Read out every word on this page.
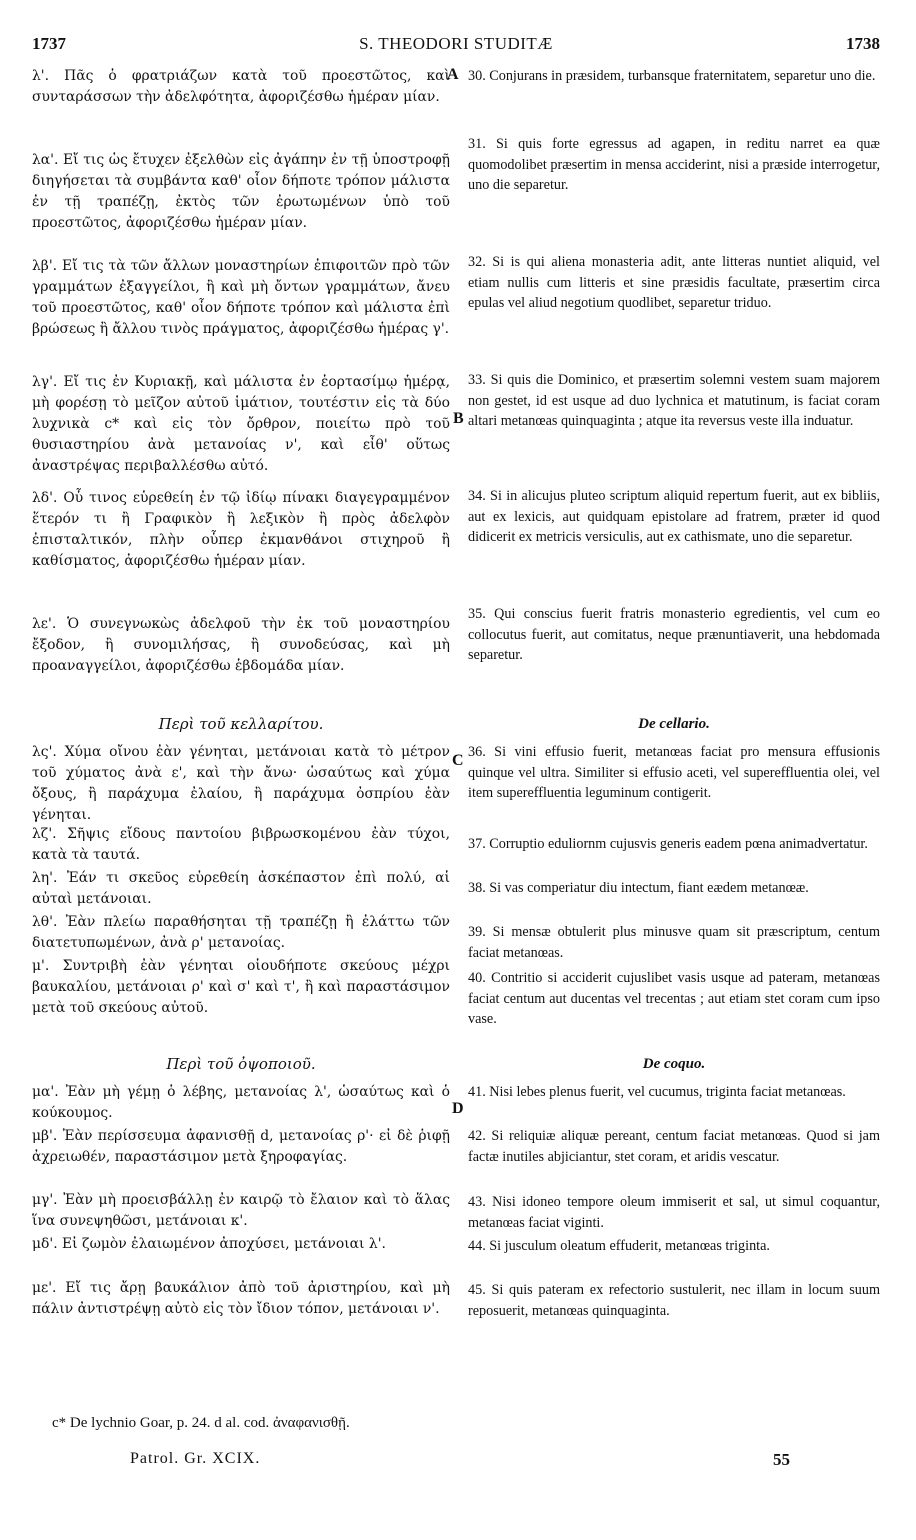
1737	S. THEODORI STUDITÆ	1738
λ'. Πᾶς ὁ φρατριάζων κατὰ τοῦ προεστῶτος, καὶ συνταράσσων τὴν ἀδελφότητα, ἀφοριζέσθω ἡμέραν μίαν.
λα'. Εἴ τις ὡς ἔτυχεν ἐξελθὼν εἰς ἀγάπην ἐν τῇ ὑποστροφῇ διηγήσεται τὰ συμβάντα καθ' οἷον δήποτε τρόπον μάλιστα ἐν τῇ τραπέζῃ, ἐκτὸς τῶν ἐρωτωμένων ὑπὸ τοῦ προεστῶτος, ἀφοριζέσθω ἡμέραν μίαν.
λβ'. Εἴ τις τὰ τῶν ἄλλων μοναστηρίων ἐπιφοιτῶν πρὸ τῶν γραμμάτων ἐξαγγείλοι, ἢ καὶ μὴ ὄντων γραμμάτων, ἄνευ τοῦ προεστῶτος, καθ' οἷον δήποτε τρόπον καὶ μάλιστα ἐπὶ βρώσεως ἢ ἄλλου τινὸς πράγματος, ἀφοριζέσθω ἡμέρας γ'.
λγ'. Εἴ τις ἐν Κυριακῇ, καὶ μάλιστα ἐν ἑορτασίμῳ ἡμέρᾳ, μὴ φορέσῃ τὸ μεῖζον αὐτοῦ ἱμάτιον, τουτέστιν εἰς τὰ δύο λυχνικὰ c* καὶ εἰς τὸν ὄρθρον, ποιείτω πρὸ τοῦ θυσιαστηρίου ἀνὰ μετανοίας ν', καὶ εἶθ' οὕτως ἀναστρέψας περιβαλλέσθω αὐτό.
λδ'. Οὗ τινος εὑρεθείη ἐν τῷ ἰδίῳ πίνακι διαγεγραμμένον ἕτερόν τι ἢ Γραφικὸν ἢ λεξικὸν ἢ πρὸς ἀδελφὸν ἐπισταλτικόν, πλὴν οὗπερ ἐκμανθάνοι στιχηροῦ ἢ καθίσματος, ἀφοριζέσθω ἡμέραν μίαν.
λε'. Ὁ συνεγνωκὼς ἀδελφοῦ τὴν ἐκ τοῦ μοναστηρίου ἔξοδον, ἢ συνομιλήσας, ἢ συνοδεύσας, καὶ μὴ προαναγγείλοι, ἀφοριζέσθω ἑβδομάδα μίαν.
Περὶ τοῦ κελλαρίτου.
λς'. Χύμα οἴνου ἐὰν γένηται, μετάνοιαι κατὰ τὸ μέτρον τοῦ χύματος ἀνὰ ε', καὶ τὴν ἄνω· ὡσαύτως καὶ χύμα ὄξους, ἢ παράχυμα ἐλαίου, ἢ παράχυμα ὀσπρίου ἐὰν γένηται.
λζ'. Σῆψις εἴδους παντοίου βιβρωσκομένου ἐὰν τύχοι, κατὰ τὰ ταυτά.
λη'. Ἐάν τι σκεῦος εὑρεθείη ἀσκέπαστον ἐπὶ πολύ, αἱ αὐταὶ μετάνοιαι.
λθ'. Ἐὰν πλείω παραθήσηται τῇ τραπέζῃ ἢ ἐλάττω τῶν διατετυπωμένων, ἀνὰ ρ' μετανοίας.
μ'. Συντριβὴ ἐὰν γένηται οἱουδήποτε σκεύους μέχρι βαυκαλίου, μετάνοιαι ρ' καὶ σ' καὶ τ', ἢ καὶ παραστάσιμον μετὰ τοῦ σκεύους αὐτοῦ.
Περὶ τοῦ ὀψοποιοῦ.
μα'. Ἐὰν μὴ γέμῃ ὁ λέβης, μετανοίας λ', ὡσαύτως καὶ ὁ κούκουμος.
μβ'. Ἐὰν περίσσευμα ἀφανισθῇ d, μετανοίας ρ'· εἰ δὲ ῥιφῇ ἀχρειωθέν, παραστάσιμον μετὰ ξηροφαγίας.
μγ'. Ἐὰν μὴ προεισβάλλῃ ἐν καιρῷ τὸ ἔλαιον καὶ τὸ ἅλας ἵνα συνεψηθῶσι, μετάνοιαι κ'.
μδ'. Εἰ ζωμὸν ἐλαιωμένον ἀποχύσει, μετάνοιαι λ'.
με'. Εἴ τις ἄρῃ βαυκάλιον ἀπὸ τοῦ ἀριστηρίου, καὶ μὴ πάλιν ἀντιστρέψῃ αὐτὸ εἰς τὸν ἴδιον τόπον, μετάνοιαι ν'.
30. Conjurans in præsidem, turbansque fraternitatem, separetur uno die.
31. Si quis forte egressus ad agapen, in reditu narret ea quæ quomodolibet præsertim in mensa acciderint, nisi a præside interrogetur, uno die separetur.
32. Si is qui aliena monasteria adit, ante litteras nuntiet aliquid, vel etiam nullis cum litteris et sine præsidis facultate, præsertim circa epulas vel aliud negotium quodlibet, separetur triduo.
33. Si quis die Dominico, et præsertim solemni vestem suam majorem non gestet, id est usque ad duo lychnica et matutinum, is faciat coram altari metanœas quinquaginta ; atque ita reversus veste illa induatur.
34. Si in alicujus pluteo scriptum aliquid repertum fuerit, aut ex bibliis, aut ex lexicis, aut quidquam epistolare ad fratrem, præter id quod didicerit ex metricis versiculis, aut ex cathismate, uno die separetur.
35. Qui conscius fuerit fratris monasterio egredientis, vel cum eo collocutus fuerit, aut comitatus, neque prænuntiaverit, una hebdomada separetur.
De cellario.
36. Si vini effusio fuerit, metanœas faciat pro mensura effusionis quinque vel ultra. Similiter si effusio aceti, vel supereffluentia olei, vel item supereffluentia leguminum contigerit.
37. Corruptio eduliornm cujusvis generis eadem pœna animadvertatur.
38. Si vas comperiatur diu intectum, fiant eædem metanœæ.
39. Si mensæ obtulerit plus minusve quam sit præscriptum, centum faciat metanœas.
40. Contritio si acciderit cujuslibet vasis usque ad pateram, metanœas faciat centum aut ducentas vel trecentas ; aut etiam stet coram cum ipso vase.
De coquo.
41. Nisi lebes plenus fuerit, vel cucumus, triginta faciat metanœas.
42. Si reliquiæ aliquæ pereant, centum faciat metanœas. Quod si jam factæ inutiles abjiciantur, stet coram, et aridis vescatur.
43. Nisi idoneo tempore oleum immiserit et sal, ut simul coquantur, metanœas faciat viginti.
44. Si jusculum oleatum effuderit, metanœas triginta.
45. Si quis pateram ex refectorio sustulerit, nec illam in locum suum reposuerit, metanœas quinquaginta.
A
B
C
D
c* De lychnio Goar, p. 24. d al. cod. ἀναφανισθῇ.
Patrol. Gr. XCIX.	55
